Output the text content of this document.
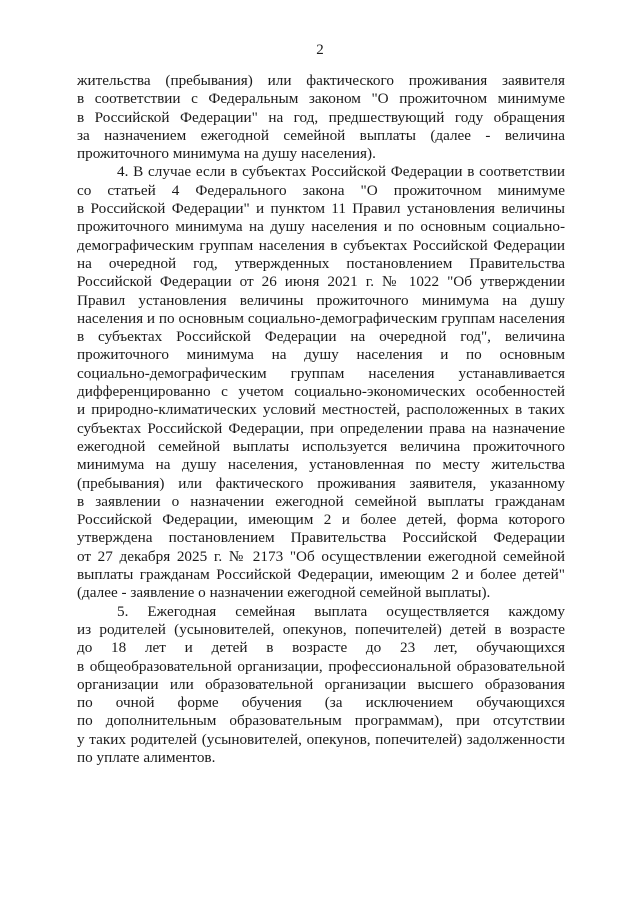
2
жительства (пребывания) или фактического проживания заявителя
в соответствии с Федеральным законом "О прожиточном минимуме
в Российской Федерации" на год, предшествующий году обращения
за назначением ежегодной семейной выплаты (далее - величина
прожиточного минимума на душу населения).
4. В случае если в субъектах Российской Федерации в соответствии
со статьей 4 Федерального закона "О прожиточном минимуме
в Российской Федерации" и пунктом 11 Правил установления величины
прожиточного минимума на душу населения и по основным социально-
демографическим группам населения в субъектах Российской Федерации
на очередной год, утвержденных постановлением Правительства
Российской Федерации от 26 июня 2021 г. № 1022 "Об утверждении
Правил установления величины прожиточного минимума на душу
населения и по основным социально-демографическим группам населения
в субъектах Российской Федерации на очередной год", величина
прожиточного минимума на душу населения и по основным
социально-демографическим группам населения устанавливается
дифференцированно с учетом социально-экономических особенностей
и природно-климатических условий местностей, расположенных в таких
субъектах Российской Федерации, при определении права на назначение
ежегодной семейной выплаты используется величина прожиточного
минимума на душу населения, установленная по месту жительства
(пребывания) или фактического проживания заявителя, указанному
в заявлении о назначении ежегодной семейной выплаты гражданам
Российской Федерации, имеющим 2 и более детей, форма которого
утверждена постановлением Правительства Российской Федерации
от 27 декабря 2025 г. № 2173 "Об осуществлении ежегодной семейной
выплаты гражданам Российской Федерации, имеющим 2 и более детей"
(далее - заявление о назначении ежегодной семейной выплаты).
5. Ежегодная семейная выплата осуществляется каждому
из родителей (усыновителей, опекунов, попечителей) детей в возрасте
до 18 лет и детей в возрасте до 23 лет, обучающихся
в общеобразовательной организации, профессиональной образовательной
организации или образовательной организации высшего образования
по очной форме обучения (за исключением обучающихся
по дополнительным образовательным программам), при отсутствии
у таких родителей (усыновителей, опекунов, попечителей) задолженности
по уплате алиментов.
